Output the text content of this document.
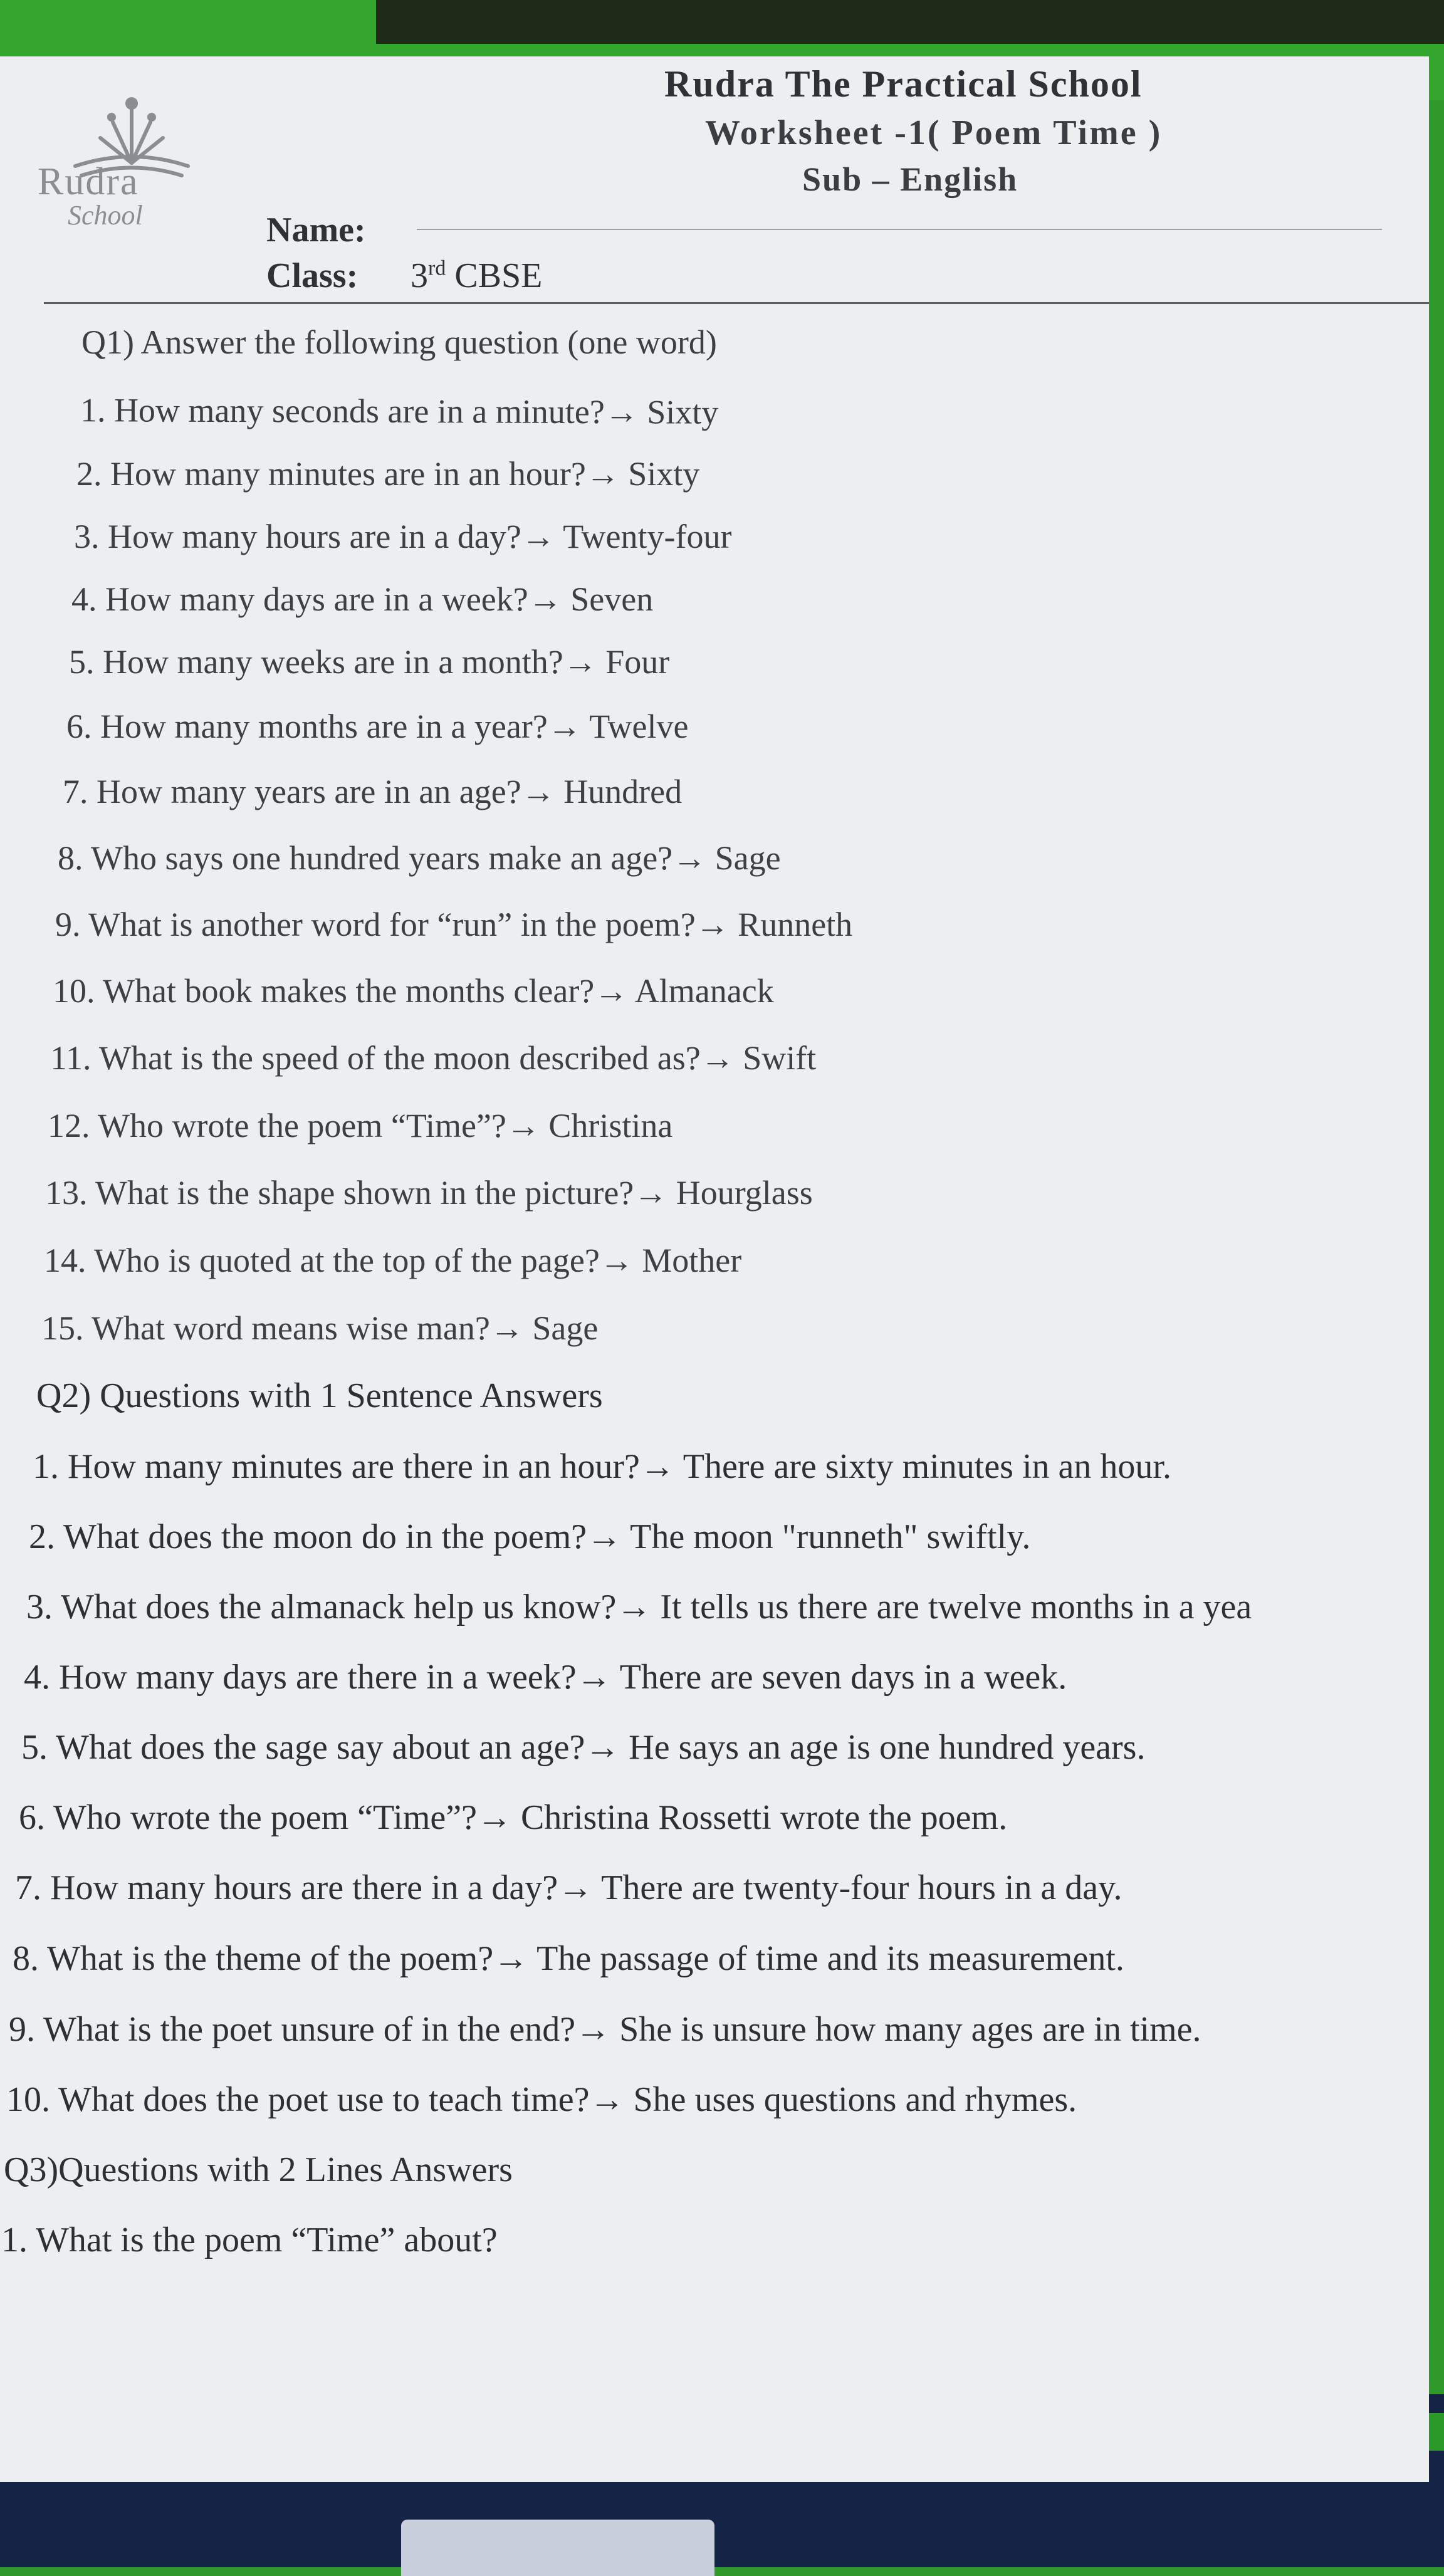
Rudra
School
Rudra The Practical School
Worksheet -1( Poem Time )
Sub – English
Name:
Class: 3rd CBSE
Q1) Answer the following question (one word)
1. How many seconds are in a minute?→ Sixty
2. How many minutes are in an hour?→ Sixty
3. How many hours are in a day?→ Twenty-four
4. How many days are in a week?→ Seven
5. How many weeks are in a month?→ Four
6. How many months are in a year?→ Twelve
7. How many years are in an age?→ Hundred
8. Who says one hundred years make an age?→ Sage
9. What is another word for “run” in the poem?→ Runneth
10. What book makes the months clear?→ Almanack
11. What is the speed of the moon described as?→ Swift
12. Who wrote the poem “Time”?→ Christina
13. What is the shape shown in the picture?→ Hourglass
14. Who is quoted at the top of the page?→ Mother
15. What word means wise man?→ Sage
Q2) Questions with 1 Sentence Answers
1. How many minutes are there in an hour?→ There are sixty minutes in an hour.
2. What does the moon do in the poem?→ The moon "runneth" swiftly.
3. What does the almanack help us know?→ It tells us there are twelve months in a yea
4. How many days are there in a week?→ There are seven days in a week.
5. What does the sage say about an age?→ He says an age is one hundred years.
6. Who wrote the poem “Time”?→ Christina Rossetti wrote the poem.
7. How many hours are there in a day?→ There are twenty-four hours in a day.
8. What is the theme of the poem?→ The passage of time and its measurement.
9. What is the poet unsure of in the end?→ She is unsure how many ages are in time.
10. What does the poet use to teach time?→ She uses questions and rhymes.
Q3)Questions with 2 Lines Answers
1. What is the poem “Time” about?
